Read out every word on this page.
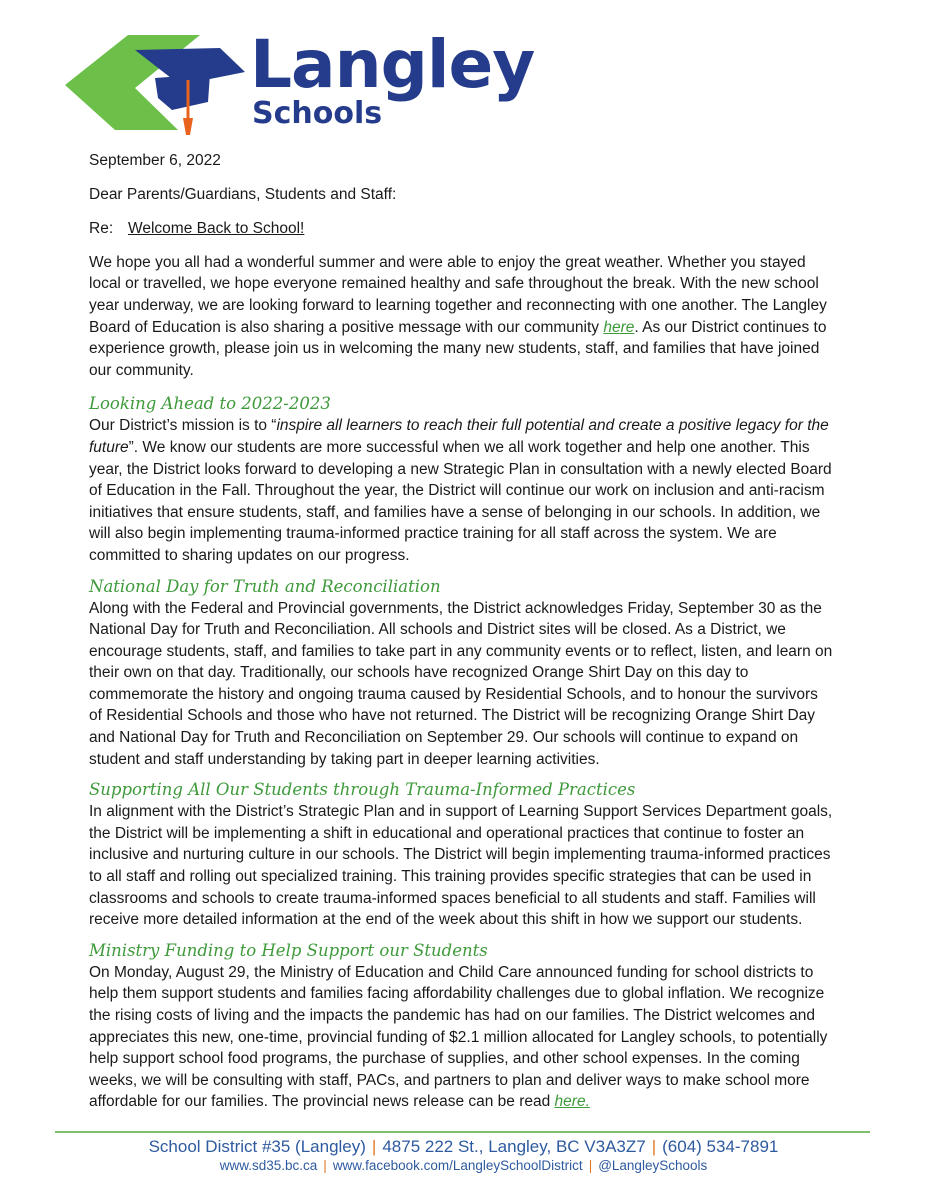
Langley
Schools

September 6, 2022

Dear Parents/Guardians, Students and Staff:

Re: Welcome Back to School!

We hope you all had a wonderful summer and were able to enjoy the great weather. Whether you stayed local or travelled, we hope everyone remained healthy and safe throughout the break. With the new school year underway, we are looking forward to learning together and reconnecting with one another. The Langley Board of Education is also sharing a positive message with our community here. As our District continues to experience growth, please join us in welcoming the many new students, staff, and families that have joined our community.

Looking Ahead to 2022-2023

Our District’s mission is to “inspire all learners to reach their full potential and create a positive legacy for the future”. We know our students are more successful when we all work together and help one another. This year, the District looks forward to developing a new Strategic Plan in consultation with a newly elected Board of Education in the Fall. Throughout the year, the District will continue our work on inclusion and anti-racism initiatives that ensure students, staff, and families have a sense of belonging in our schools. In addition, we will also begin implementing trauma-informed practice training for all staff across the system. We are committed to sharing updates on our progress.

National Day for Truth and Reconciliation

Along with the Federal and Provincial governments, the District acknowledges Friday, September 30 as the National Day for Truth and Reconciliation. All schools and District sites will be closed. As a District, we encourage students, staff, and families to take part in any community events or to reflect, listen, and learn on their own on that day. Traditionally, our schools have recognized Orange Shirt Day on this day to commemorate the history and ongoing trauma caused by Residential Schools, and to honour the survivors of Residential Schools and those who have not returned. The District will be recognizing Orange Shirt Day and National Day for Truth and Reconciliation on September 29. Our schools will continue to expand on student and staff understanding by taking part in deeper learning activities.

Supporting All Our Students through Trauma-Informed Practices

In alignment with the District’s Strategic Plan and in support of Learning Support Services Department goals, the District will be implementing a shift in educational and operational practices that continue to foster an inclusive and nurturing culture in our schools. The District will begin implementing trauma-informed practices to all staff and rolling out specialized training. This training provides specific strategies that can be used in classrooms and schools to create trauma-informed spaces beneficial to all students and staff. Families will receive more detailed information at the end of the week about this shift in how we support our students.

Ministry Funding to Help Support our Students

On Monday, August 29, the Ministry of Education and Child Care announced funding for school districts to help them support students and families facing affordability challenges due to global inflation. We recognize the rising costs of living and the impacts the pandemic has had on our families. The District welcomes and appreciates this new, one-time, provincial funding of $2.1 million allocated for Langley schools, to potentially help support school food programs, the purchase of supplies, and other school expenses. In the coming weeks, we will be consulting with staff, PACs, and partners to plan and deliver ways to make school more affordable for our families. The provincial news release can be read here.

School District #35 (Langley) | 4875 222 St., Langley, BC V3A3Z7 | (604) 534-7891
www.sd35.bc.ca | www.facebook.com/LangleySchoolDistrict | @LangleySchools
